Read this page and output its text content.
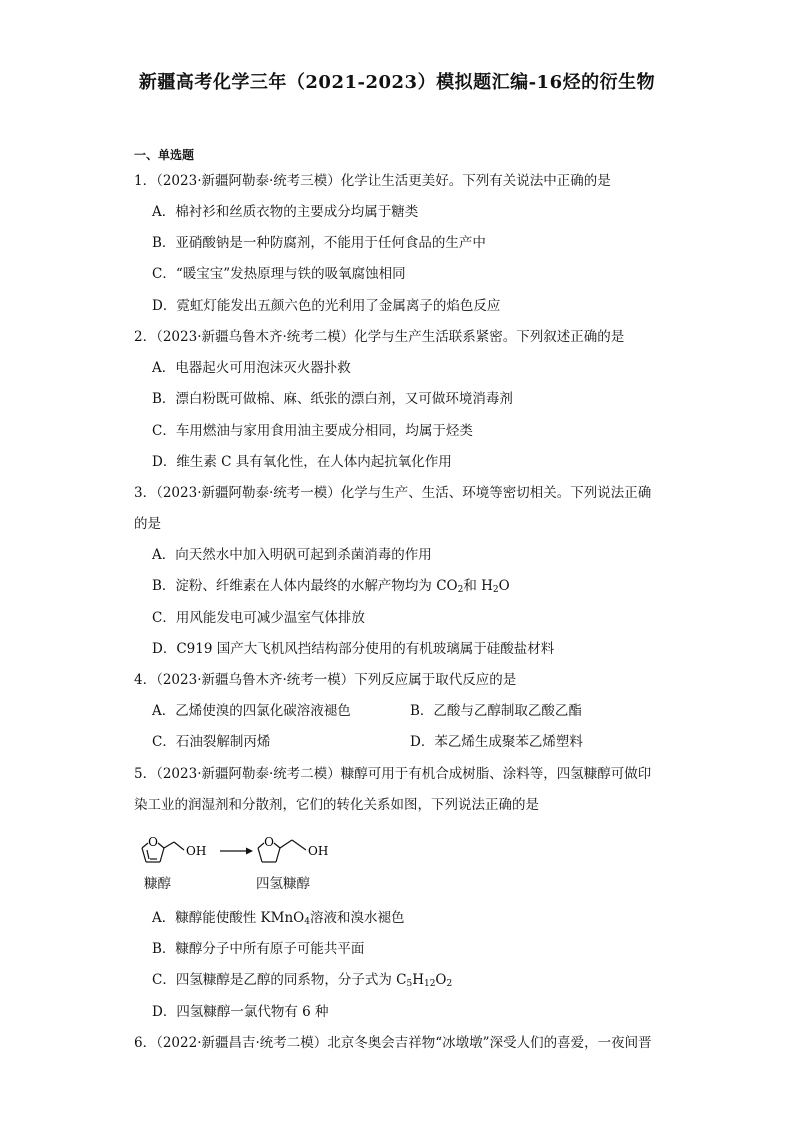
新疆高考化学三年（2021-2023）模拟题汇编-16烃的衍生物
一、单选题
1．（2023·新疆阿勒泰·统考三模）化学让生活更美好。下列有关说法中正确的是
A．棉衬衫和丝质衣物的主要成分均属于糖类
B．亚硝酸钠是一种防腐剂，不能用于任何食品的生产中
C．“暖宝宝”发热原理与铁的吸氧腐蚀相同
D．霓虹灯能发出五颜六色的光利用了金属离子的焰色反应
2．（2023·新疆乌鲁木齐·统考二模）化学与生产生活联系紧密。下列叙述正确的是
A．电器起火可用泡沫灭火器扑救
B．漂白粉既可做棉、麻、纸张的漂白剂，又可做环境消毒剂
C．车用燃油与家用食用油主要成分相同，均属于烃类
D．维生素 C 具有氧化性，在人体内起抗氧化作用
3．（2023·新疆阿勒泰·统考一模）化学与生产、生活、环境等密切相关。下列说法正确
的是
A．向天然水中加入明矾可起到杀菌消毒的作用
B．淀粉、纤维素在人体内最终的水解产物均为 $CO_2$和 $H_2O$
C．用风能发电可减少温室气体排放
D．C919 国产大飞机风挡结构部分使用的有机玻璃属于硅酸盐材料
4．（2023·新疆乌鲁木齐·统考一模）下列反应属于取代反应的是
A．乙烯使溴的四氯化碳溶液褪色	B．乙酸与乙醇制取乙酸乙酯
C．石油裂解制丙烯	D．苯乙烯生成聚苯乙烯塑料
5．（2023·新疆阿勒泰·统考二模）糠醇可用于有机合成树脂、涂料等，四氢糠醇可做印
染工业的润湿剂和分散剂，它们的转化关系如图，下列说法正确的是
O
OH
O
OH
糠醇	四氢糠醇
A．糠醇能使酸性 KMnO$_4$溶液和溴水褪色
B．糠醇分子中所有原子可能共平面
C．四氢糠醇是乙醇的同系物，分子式为 $C_5H_{12}O_2$
D．四氢糠醇一氯代物有 6 种
6．（2022·新疆昌吉·统考二模）北京冬奥会吉祥物“冰墩墩”深受人们的喜爱，一夜间晋
